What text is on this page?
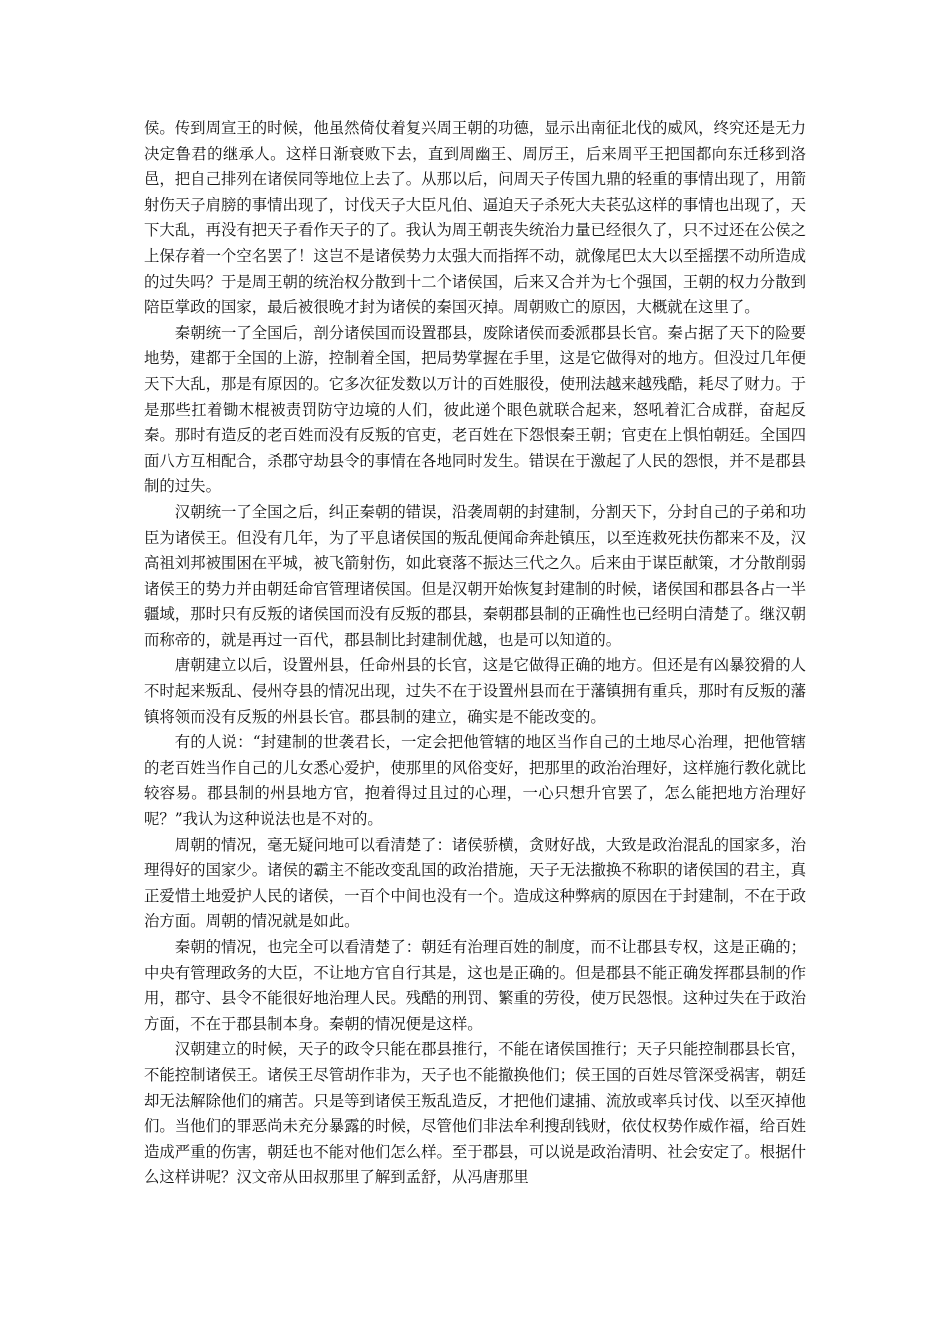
侯。传到周宣王的时候，他虽然倚仗着复兴周王朝的功德，显示出南征北伐的威风，终究还是无力决定鲁君的继承人。这样日渐衰败下去，直到周幽王、周厉王，后来周平王把国都向东迁移到洛邑，把自己排列在诸侯同等地位上去了。从那以后，问周天子传国九鼎的轻重的事情出现了，用箭射伤天子肩膀的事情出现了，讨伐天子大臣凡伯、逼迫天子杀死大夫苌弘这样的事情也出现了，天下大乱，再没有把天子看作天子的了。我认为周王朝丧失统治力量已经很久了，只不过还在公侯之上保存着一个空名罢了！这岂不是诸侯势力太强大而指挥不动，就像尾巴太大以至摇摆不动所造成的过失吗？于是周王朝的统治权分散到十二个诸侯国，后来又合并为七个强国，王朝的权力分散到陪臣掌政的国家，最后被很晚才封为诸侯的秦国灭掉。周朝败亡的原因，大概就在这里了。

秦朝统一了全国后，剖分诸侯国而设置郡县，废除诸侯而委派郡县长官。秦占据了天下的险要地势，建都于全国的上游，控制着全国，把局势掌握在手里，这是它做得对的地方。但没过几年便天下大乱，那是有原因的。它多次征发数以万计的百姓服役，使刑法越来越残酷，耗尽了财力。于是那些扛着锄木棍被责罚防守边境的人们，彼此递个眼色就联合起来，怒吼着汇合成群，奋起反秦。那时有造反的老百姓而没有反叛的官吏，老百姓在下怨恨秦王朝；官吏在上惧怕朝廷。全国四面八方互相配合，杀郡守劫县令的事情在各地同时发生。错误在于激起了人民的怨恨，并不是郡县制的过失。

汉朝统一了全国之后，纠正秦朝的错误，沿袭周朝的封建制，分割天下，分封自己的子弟和功臣为诸侯王。但没有几年，为了平息诸侯国的叛乱便闻命奔赴镇压，以至连救死扶伤都来不及，汉高祖刘邦被围困在平城，被飞箭射伤，如此衰落不振达三代之久。后来由于谋臣献策，才分散削弱诸侯王的势力并由朝廷命官管理诸侯国。但是汉朝开始恢复封建制的时候，诸侯国和郡县各占一半疆域，那时只有反叛的诸侯国而没有反叛的郡县，秦朝郡县制的正确性也已经明白清楚了。继汉朝而称帝的，就是再过一百代，郡县制比封建制优越，也是可以知道的。

唐朝建立以后，设置州县，任命州县的长官，这是它做得正确的地方。但还是有凶暴狡猾的人不时起来叛乱、侵州夺县的情况出现，过失不在于设置州县而在于藩镇拥有重兵，那时有反叛的藩镇将领而没有反叛的州县长官。郡县制的建立，确实是不能改变的。

有的人说：“封建制的世袭君长，一定会把他管辖的地区当作自己的土地尽心治理，把他管辖的老百姓当作自己的儿女悉心爱护，使那里的风俗变好，把那里的政治治理好，这样施行教化就比较容易。郡县制的州县地方官，抱着得过且过的心理，一心只想升官罢了，怎么能把地方治理好呢？”我认为这种说法也是不对的。

周朝的情况，毫无疑问地可以看清楚了：诸侯骄横，贪财好战，大致是政治混乱的国家多，治理得好的国家少。诸侯的霸主不能改变乱国的政治措施，天子无法撤换不称职的诸侯国的君主，真正爱惜土地爱护人民的诸侯，一百个中间也没有一个。造成这种弊病的原因在于封建制，不在于政治方面。周朝的情况就是如此。

秦朝的情况，也完全可以看清楚了：朝廷有治理百姓的制度，而不让郡县专权，这是正确的；中央有管理政务的大臣，不让地方官自行其是，这也是正确的。但是郡县不能正确发挥郡县制的作用，郡守、县令不能很好地治理人民。残酷的刑罚、繁重的劳役，使万民怨恨。这种过失在于政治方面，不在于郡县制本身。秦朝的情况便是这样。

汉朝建立的时候，天子的政令只能在郡县推行，不能在诸侯国推行；天子只能控制郡县长官，不能控制诸侯王。诸侯王尽管胡作非为，天子也不能撤换他们；侯王国的百姓尽管深受祸害，朝廷却无法解除他们的痛苦。只是等到诸侯王叛乱造反，才把他们逮捕、流放或率兵讨伐、以至灭掉他们。当他们的罪恶尚未充分暴露的时候，尽管他们非法牟利搜刮钱财，依仗权势作威作福，给百姓造成严重的伤害，朝廷也不能对他们怎么样。至于郡县，可以说是政治清明、社会安定了。根据什么这样讲呢？汉文帝从田叔那里了解到孟舒，从冯唐那里
